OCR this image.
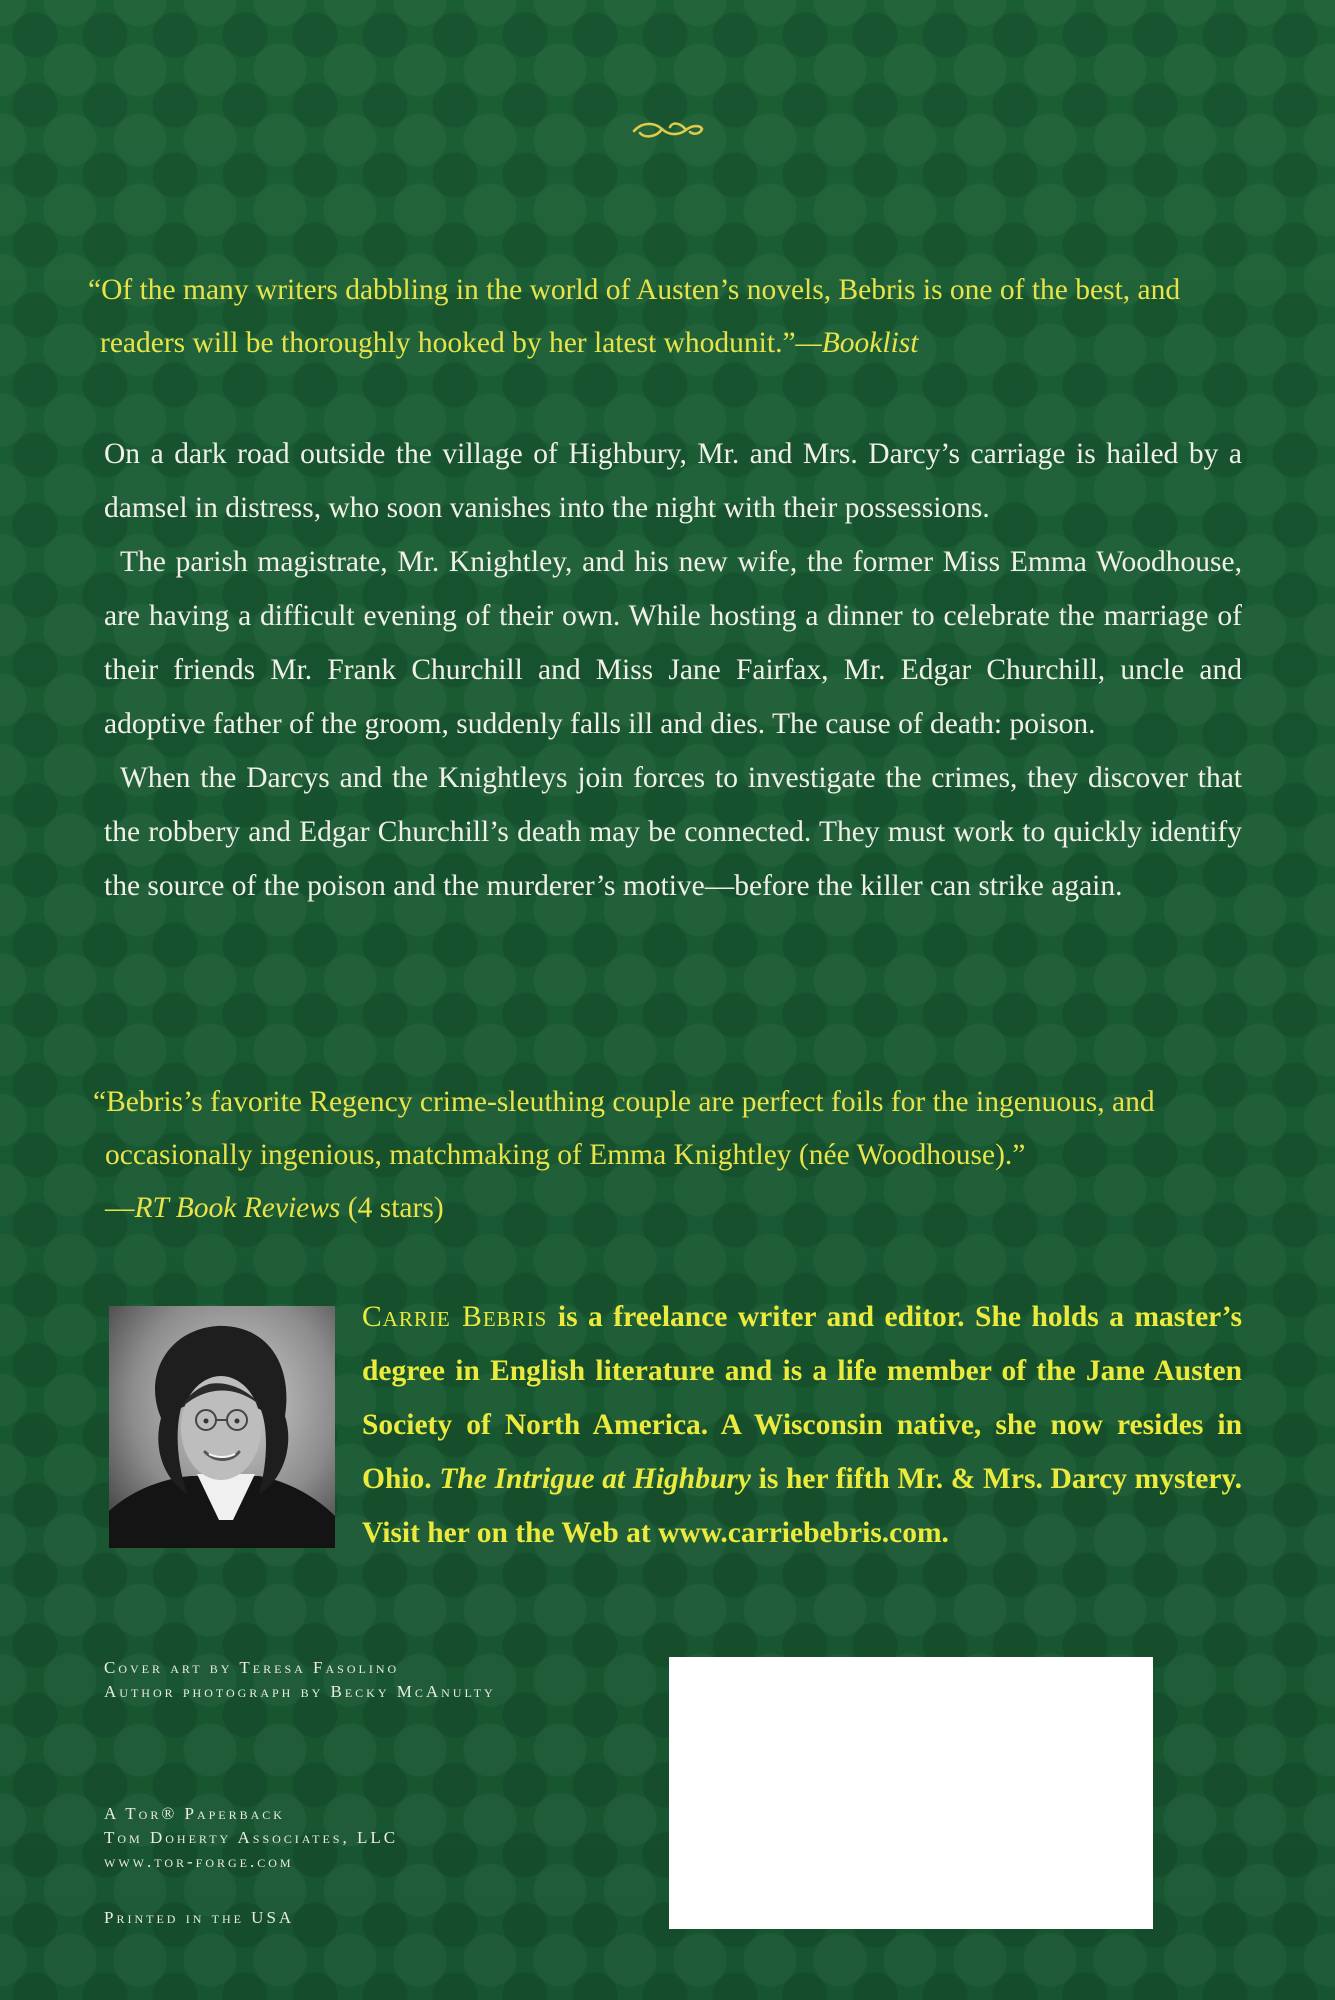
“Of the many writers dabbling in the world of Austen’s novels, Bebris is one of the best, and

readers will be thoroughly hooked by her latest whodunit.”—Booklist

On a dark road outside the village of Highbury, Mr. and Mrs. Darcy’s carriage is hailed by a damsel in distress, who soon vanishes into the night with their possessions.

The parish magistrate, Mr. Knightley, and his new wife, the former Miss Emma Woodhouse, are having a difficult evening of their own. While hosting a dinner to celebrate the marriage of their friends Mr. Frank Churchill and Miss Jane Fairfax, Mr. Edgar Churchill, uncle and adoptive father of the groom, suddenly falls ill and dies. The cause of death: poison.

When the Darcys and the Knightleys join forces to investigate the crimes, they discover that the robbery and Edgar Churchill’s death may be connected. They must work to quickly identify the source of the poison and the murderer’s motive—before the killer can strike again.

“Bebris’s favorite Regency crime-sleuthing couple are perfect foils for the ingenuous, and

occasionally ingenious, matchmaking of Emma Knightley (née Woodhouse).”

—RT Book Reviews (4 stars)

Carrie Bebris is a freelance writer and editor. She holds a master’s degree in English literature and is a life member of the Jane Austen Society of North America. A Wisconsin native, she now resides in Ohio. The Intrigue at Highbury is her fifth Mr. & Mrs. Darcy mystery. Visit her on the Web at www.carriebebris.com.
Cover art by Teresa Fasolino
Author photograph by Becky McAnulty
A Tor® Paperback
Tom Doherty Associates, LLC
www.tor-forge.com
Printed in the USA
